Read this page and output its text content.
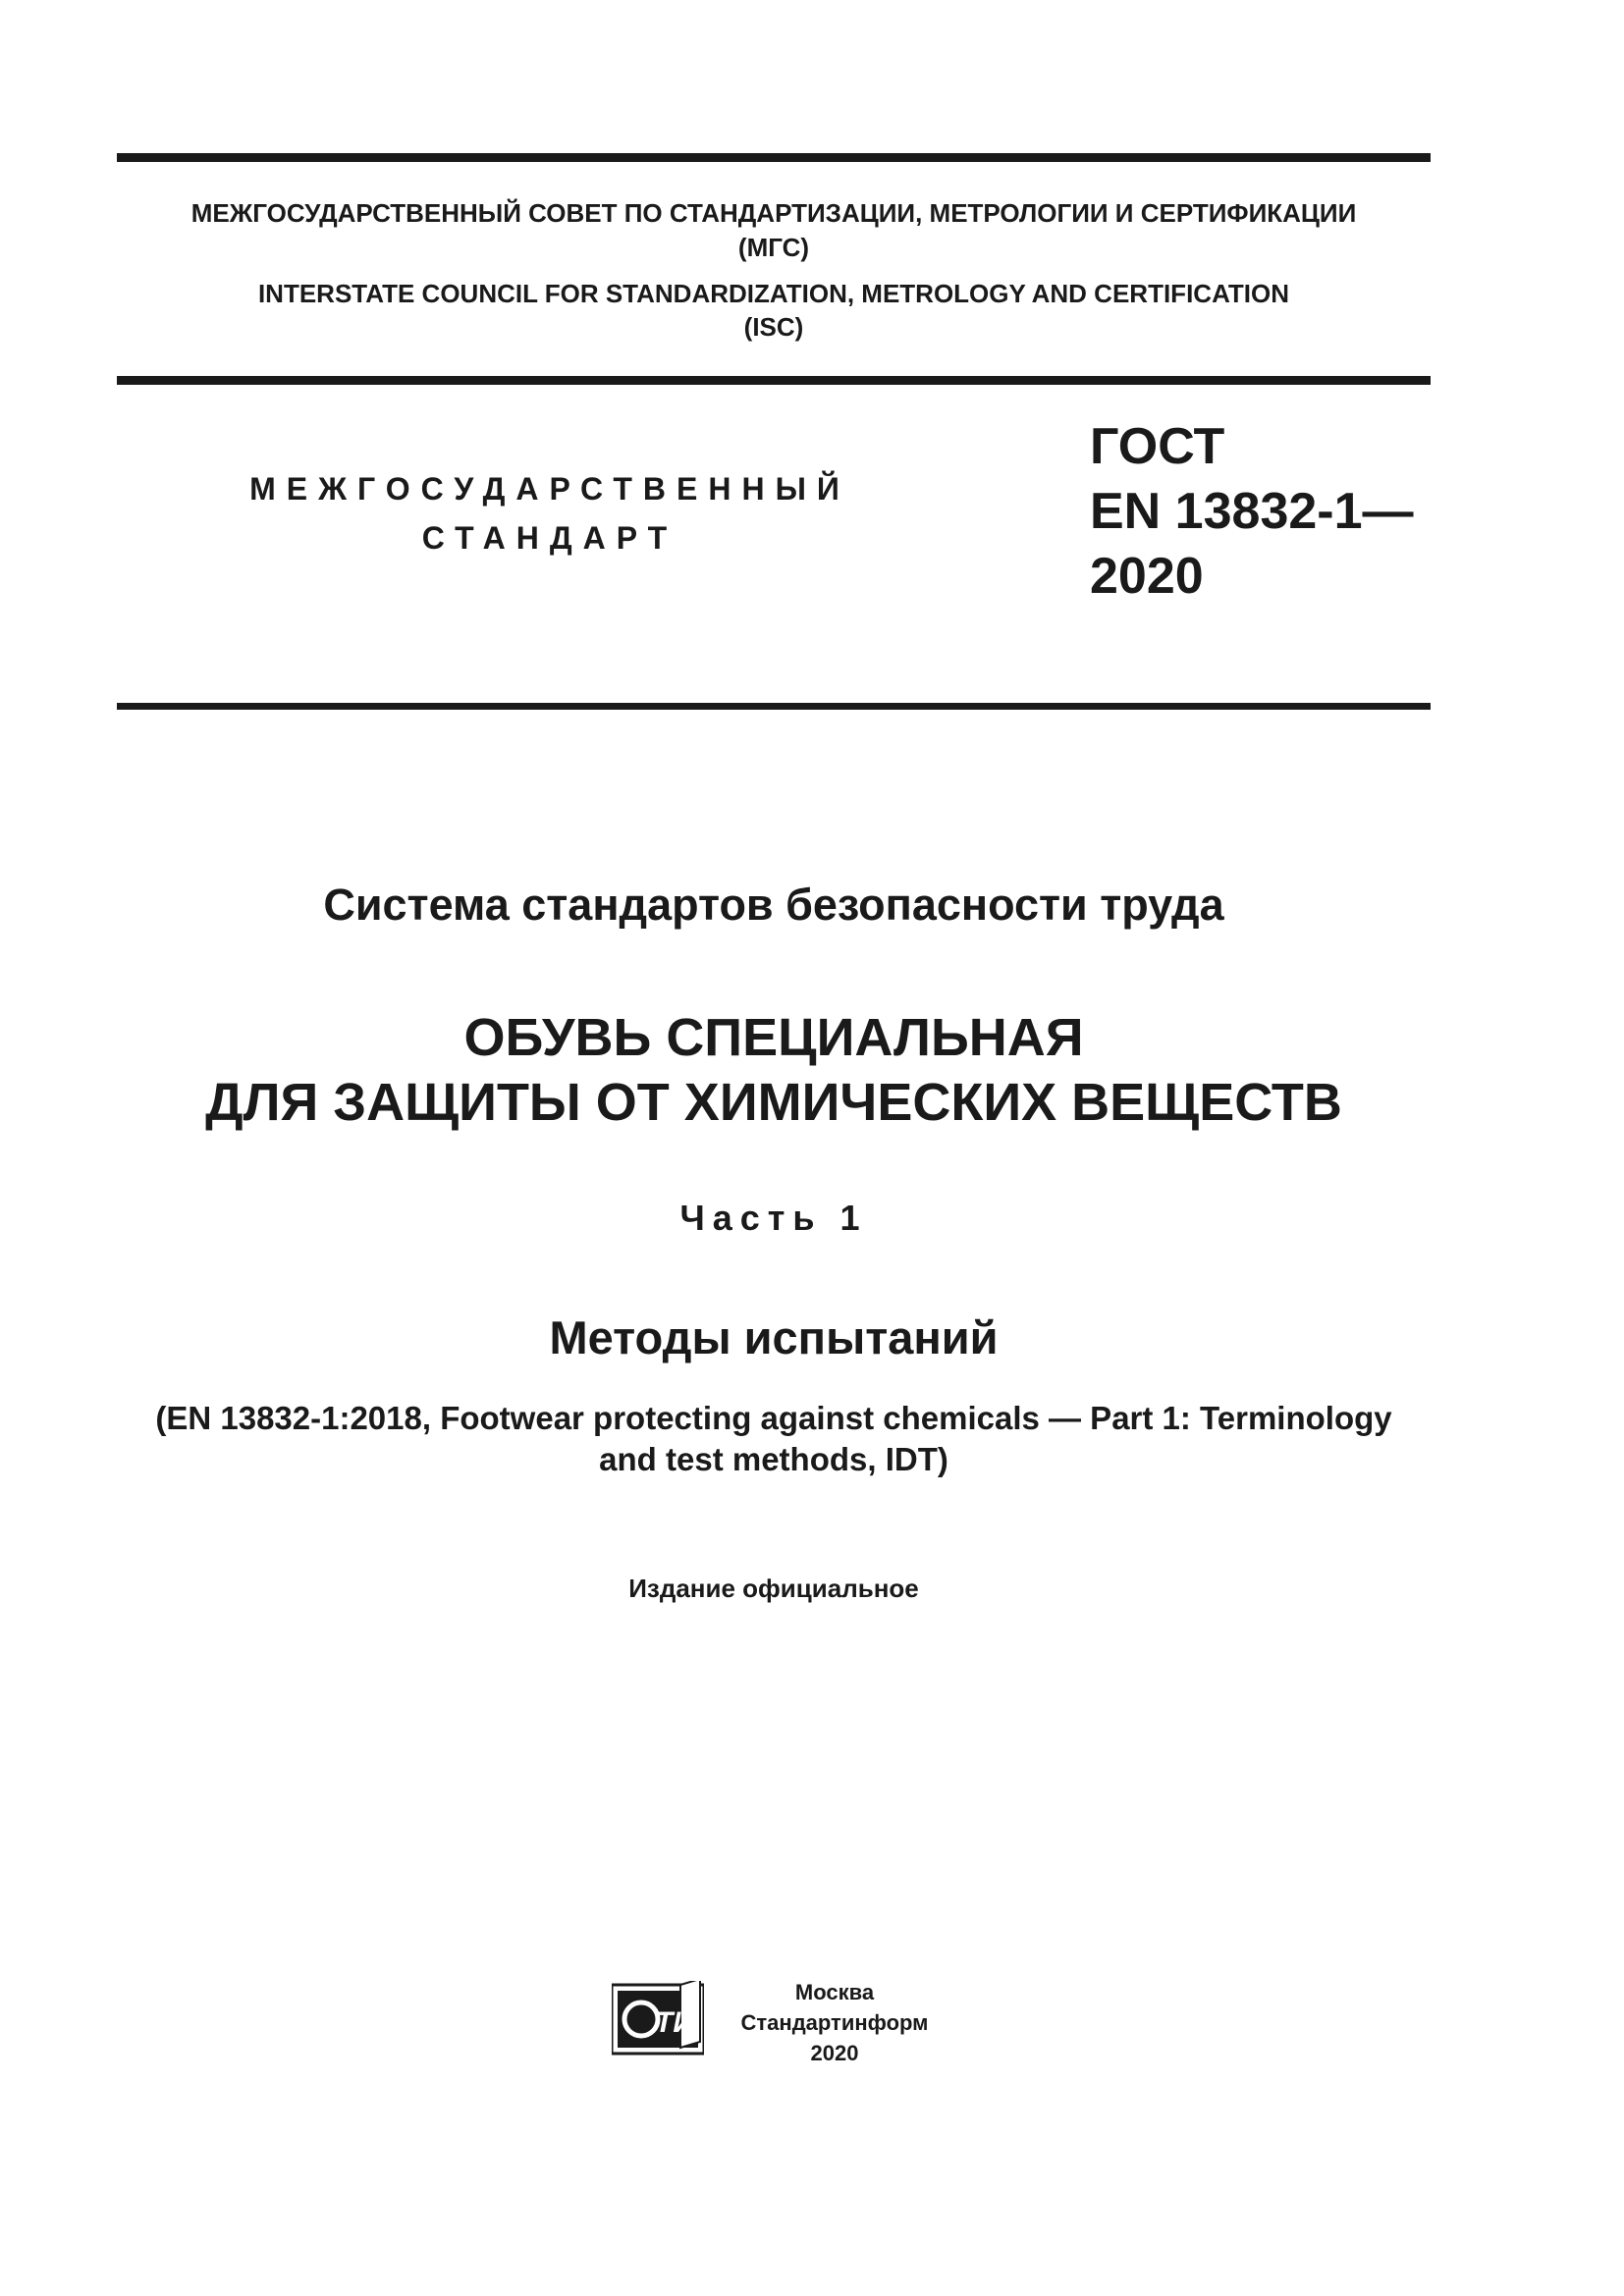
МЕЖГОСУДАРСТВЕННЫЙ СОВЕТ ПО СТАНДАРТИЗАЦИИ, МЕТРОЛОГИИ И СЕРТИФИКАЦИИ
(МГС)
INTERSTATE COUNCIL FOR STANDARDIZATION, METROLOGY AND CERTIFICATION
(ISC)
МЕЖГОСУДАРСТВЕННЫЙ
СТАНДАРТ
ГОСТ
EN 13832-1—
2020
Система стандартов безопасности труда
ОБУВЬ СПЕЦИАЛЬНАЯ
ДЛЯ ЗАЩИТЫ ОТ ХИМИЧЕСКИХ ВЕЩЕСТВ
Часть 1
Методы испытаний
(EN 13832-1:2018, Footwear protecting against chemicals — Part 1: Terminology
and test methods, IDT)
Издание официальное
ТИ
Москва
Стандартинформ
2020
